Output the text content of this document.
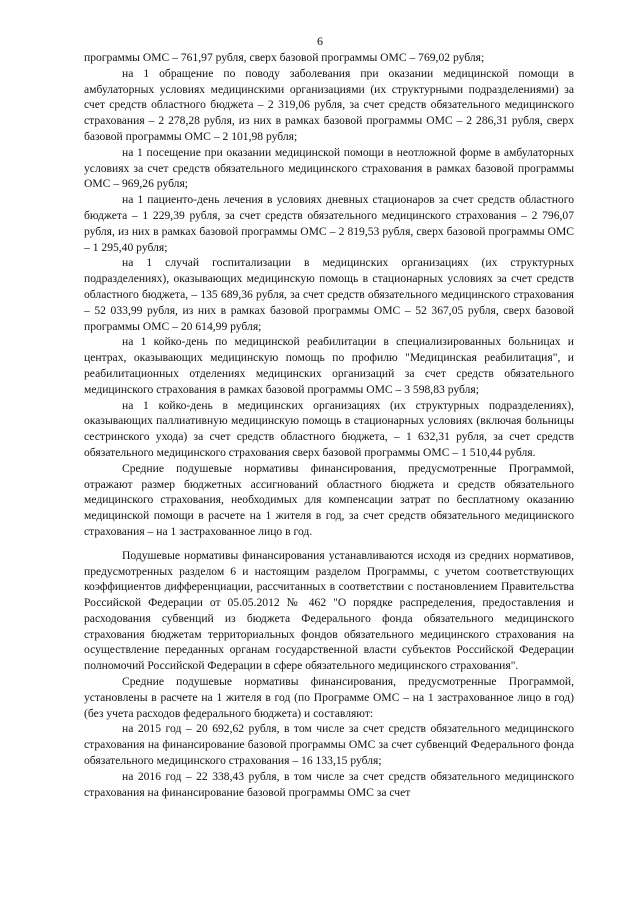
6

программы ОМС – 761,97 рубля, сверх базовой программы ОМС – 769,02 рубля;

на 1 обращение по поводу заболевания при оказании медицинской помощи в амбулаторных условиях медицинскими организациями (их структурными подразделениями) за счет средств областного бюджета – 2 319,06 рубля, за счет средств обязательного медицинского страхования – 2 278,28 рубля, из них в рамках базовой программы ОМС – 2 286,31 рубля, сверх базовой программы ОМС – 2 101,98 рубля;

на 1 посещение при оказании медицинской помощи в неотложной форме в амбулаторных условиях за счет средств обязательного медицинского страхования в рамках базовой программы ОМС – 969,26 рубля;

на 1 пациенто-день лечения в условиях дневных стационаров за счет средств областного бюджета – 1 229,39 рубля, за счет средств обязательного медицинского страхования – 2 796,07 рубля, из них в рамках базовой программы ОМС – 2 819,53 рубля, сверх базовой программы ОМС – 1 295,40 рубля;

на 1 случай госпитализации в медицинских организациях (их структурных подразделениях), оказывающих медицинскую помощь в стационарных условиях за счет средств областного бюджета, – 135 689,36 рубля, за счет средств обязательного медицинского страхования – 52 033,99 рубля, из них в рамках базовой программы ОМС – 52 367,05 рубля, сверх базовой программы ОМС – 20 614,99 рубля;

на 1 койко-день по медицинской реабилитации в специализированных больницах и центрах, оказывающих медицинскую помощь по профилю "Медицинская реабилитация", и реабилитационных отделениях медицинских организаций за счет средств обязательного медицинского страхования в рамках базовой программы ОМС – 3 598,83 рубля;

на 1 койко-день в медицинских организациях (их структурных подразделениях), оказывающих паллиативную медицинскую помощь в стационарных условиях (включая больницы сестринского ухода) за счет средств областного бюджета, – 1 632,31 рубля, за счет средств обязательного медицинского страхования сверх базовой программы ОМС – 1 510,44 рубля.

Средние подушевые нормативы финансирования, предусмотренные Программой, отражают размер бюджетных ассигнований областного бюджета и средств обязательного медицинского страхования, необходимых для компенсации затрат по бесплатному оказанию медицинской помощи в расчете на 1 жителя в год, за счет средств обязательного медицинского страхования – на 1 застрахованное лицо в год.

Подушевые нормативы финансирования устанавливаются исходя из средних нормативов, предусмотренных разделом 6 и настоящим разделом Программы, с учетом соответствующих коэффициентов дифференциации, рассчитанных в соответствии с постановлением Правительства Российской Федерации от 05.05.2012 № 462 "О порядке распределения, предоставления и расходования субвенций из бюджета Федерального фонда обязательного медицинского страхования бюджетам территориальных фондов обязательного медицинского страхования на осуществление переданных органам государственной власти субъектов Российской Федерации полномочий Российской Федерации в сфере обязательного медицинского страхования".

Средние подушевые нормативы финансирования, предусмотренные Программой, установлены в расчете на 1 жителя в год (по Программе ОМС – на 1 застрахованное лицо в год) (без учета расходов федерального бюджета) и составляют:

на 2015 год – 20 692,62 рубля, в том числе за счет средств обязательного медицинского страхования на финансирование базовой программы ОМС за счет субвенций Федерального фонда обязательного медицинского страхования – 16 133,15 рубля;

на 2016 год – 22 338,43 рубля, в том числе за счет средств обязательного медицинского страхования на финансирование базовой программы ОМС за счет
